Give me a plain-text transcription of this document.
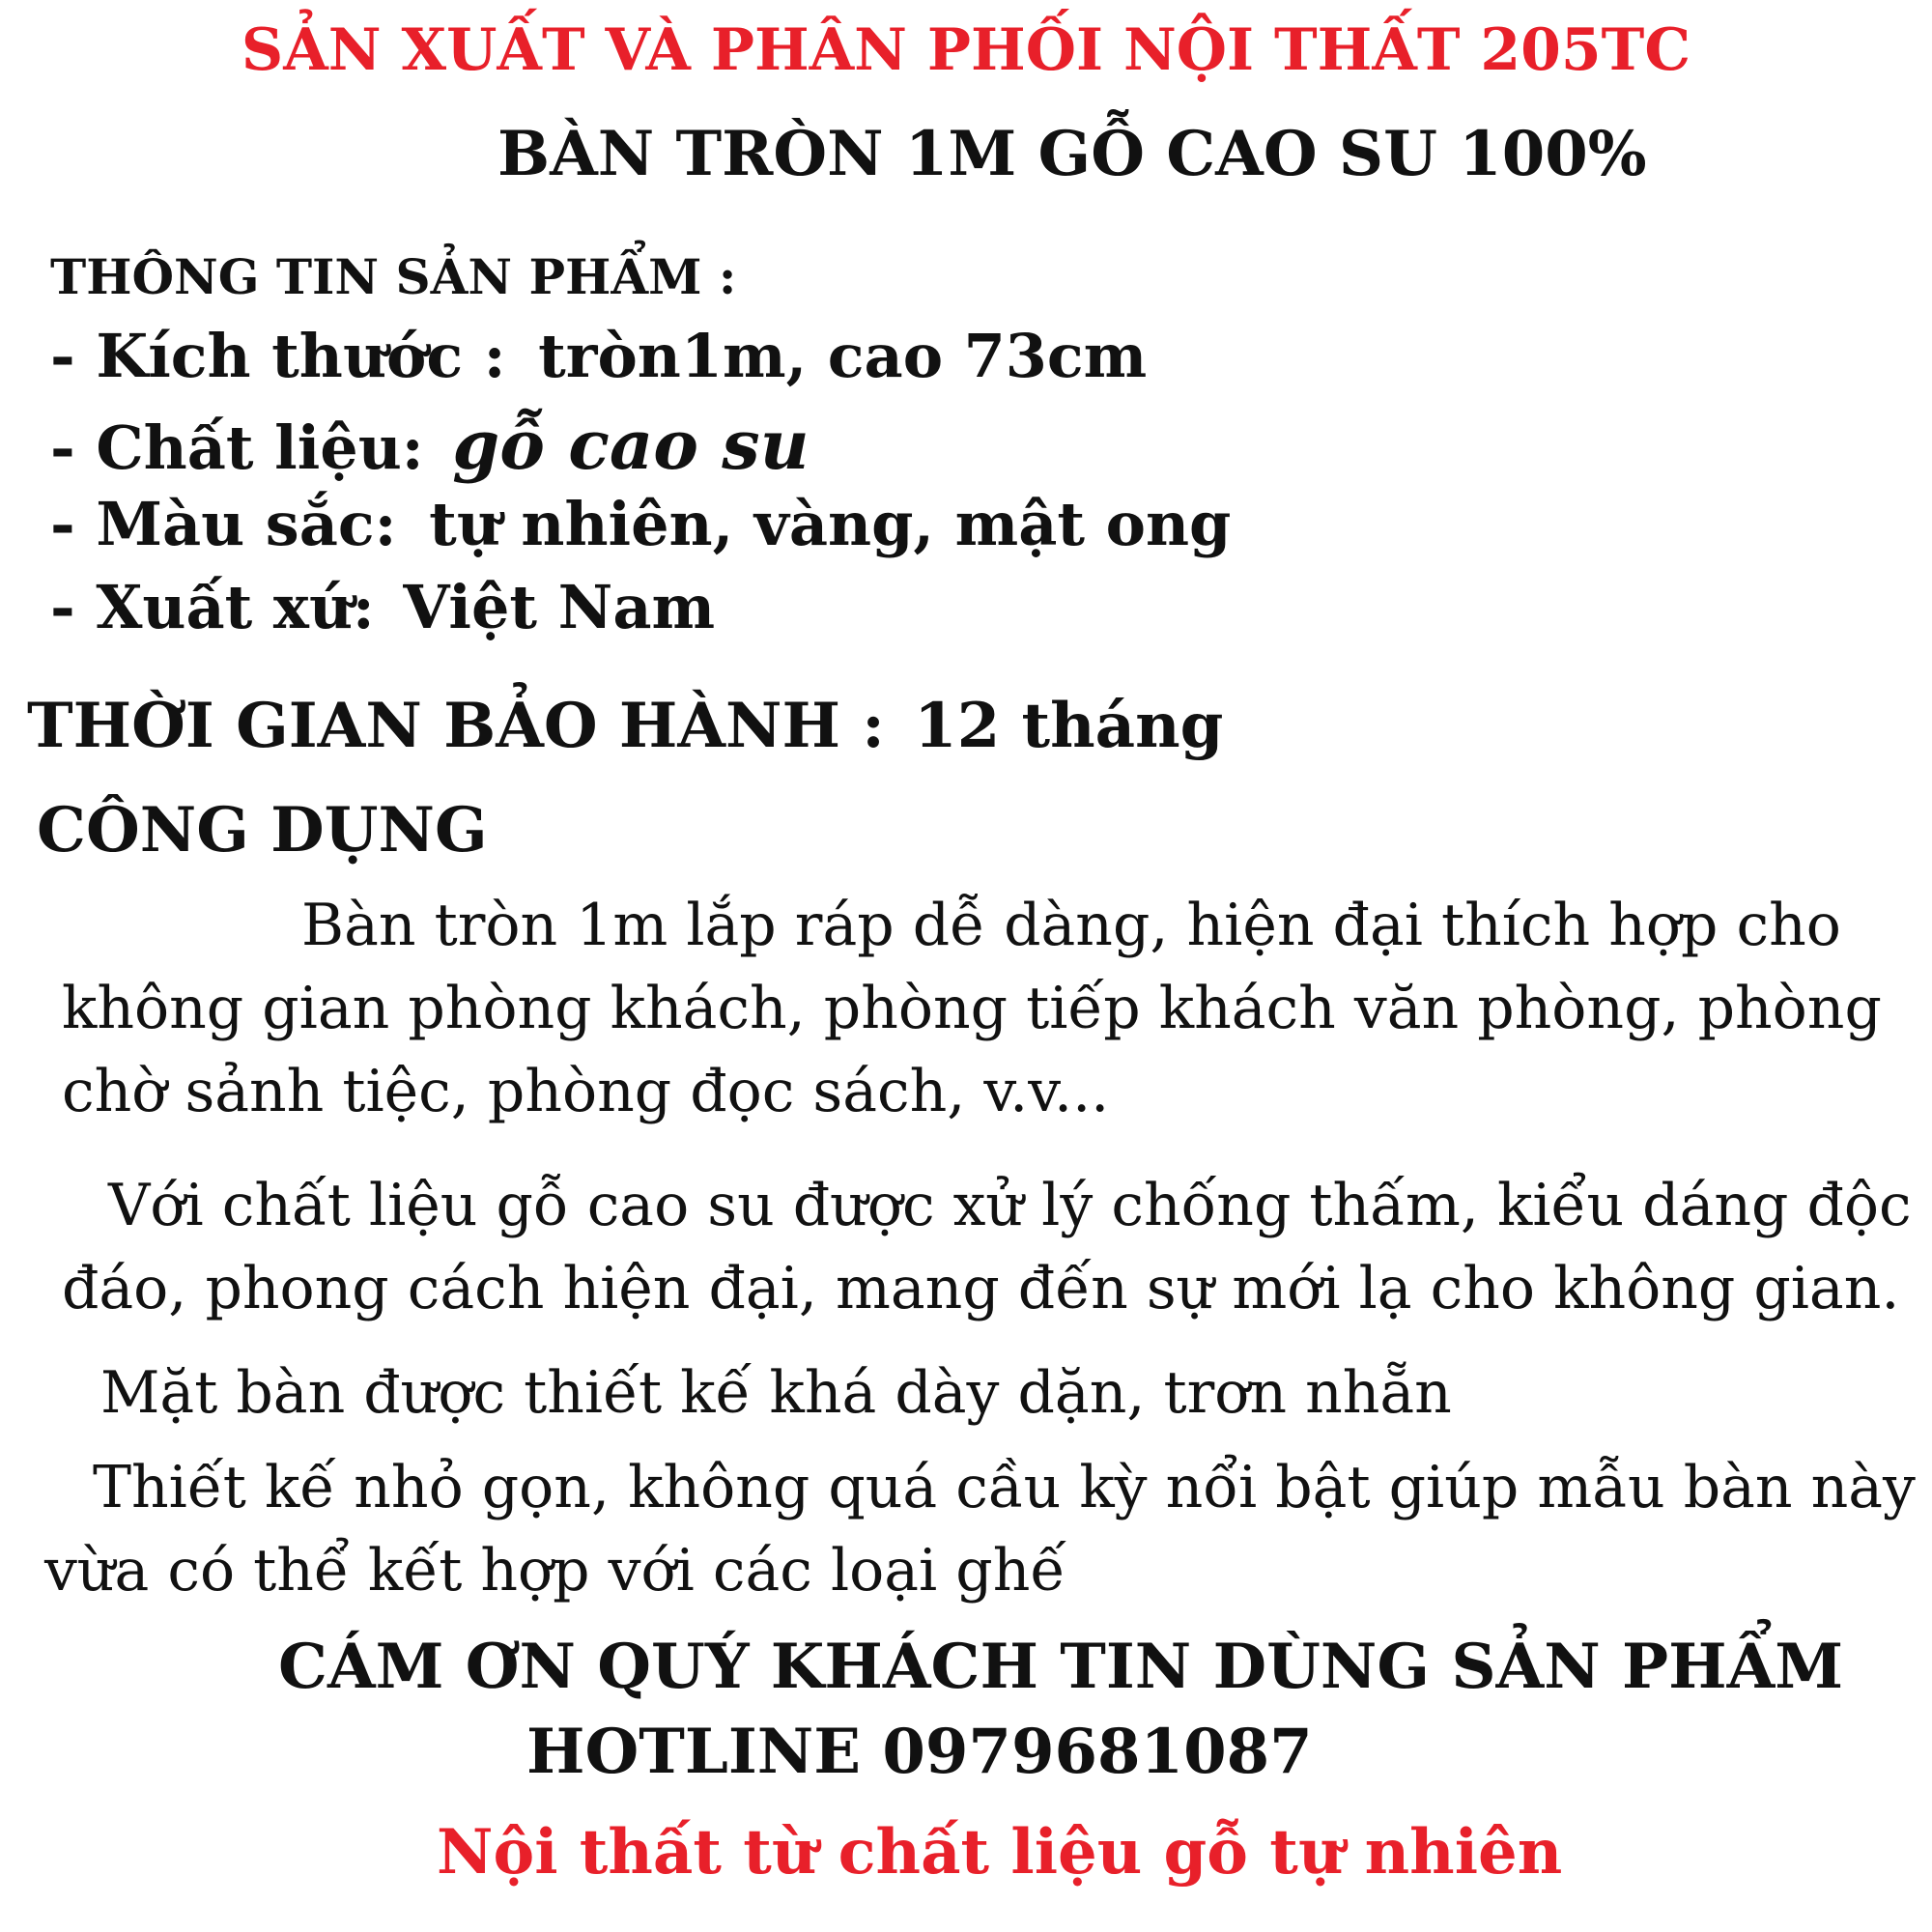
SẢN XUẤT VÀ PHÂN PHỐI NỘI THẤT 205TC
BÀN TRÒN 1M GỖ CAO SU 100%
THÔNG TIN SẢN PHẨM :
- Kích thước : tròn1m, cao 73cm
- Chất liệu: gỗ cao su
- Màu sắc: tự nhiên, vàng, mật ong
- Xuất xứ: Việt Nam
THỜI GIAN BẢO HÀNH : 12 tháng
CÔNG DỤNG
Bàn tròn 1m lắp ráp dễ dàng, hiện đại thích hợp cho
không gian phòng khách, phòng tiếp khách văn phòng, phòng
chờ sảnh tiệc, phòng đọc sách, v.v...
Với chất liệu gỗ cao su được xử lý chống thấm, kiểu dáng độc
đáo, phong cách hiện đại, mang đến sự mới lạ cho không gian.
Mặt bàn được thiết kế khá dày dặn, trơn nhẵn
Thiết kế nhỏ gọn, không quá cầu kỳ nổi bật giúp mẫu bàn này
vừa có thể kết hợp với các loại ghế
CÁM ƠN QUÝ KHÁCH TIN DÙNG SẢN PHẨM
HOTLINE 0979681087
Nội thất từ chất liệu gỗ tự nhiên
